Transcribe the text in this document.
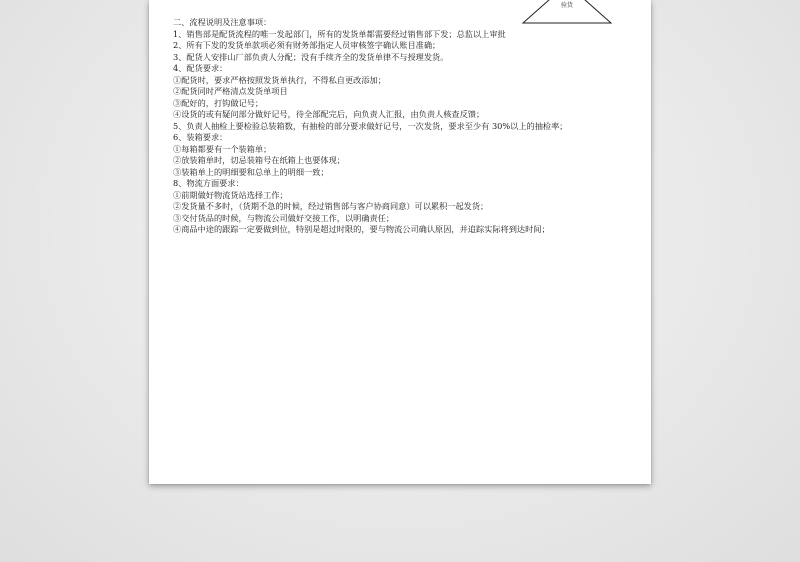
验货

二、流程说明及注意事项：

1、销售部是配货流程的唯一发起部门，所有的发货单都需要经过销售部下发；总监以上审批

2、所有下发的发货单款项必须有财务部指定人员审核签字确认账目准确；

3、配货人安排山厂部负责人分配；没有手续齐全的发货单律不与授理发货。

4、配货要求：

①配货时，要求严格按照发货单执行，不得私自更改添加；

②配货同时严格清点发货单项目

③配好的，打钩做记号；

④设货的或有疑问部分做好记号，待全部配完后，向负责人汇报，由负责人核查反馈；

5、负责人抽检上要检验总装箱数，有抽检的部分要求做好记号，一次发货，要求至少有 30%以上的抽检率；

6、装箱要求：

①每箱都要有一个装箱单；

②放装箱单时，切忌装箱号在纸箱上也要体现；

③装箱单上的明细要和总单上的明细一致；

8、物流方面要求：

①前期做好物流货站选择工作；

②发货量不多时，（货期不急的时候，经过销售部与客户协商同意）可以累积一起发货；

③交付货品的时候，与物流公司做好交接工作，以明确责任；

④商品中途的跟踪一定要做到位，特别是超过时限的，要与物流公司确认原因，并追踪实际将到达时间；
